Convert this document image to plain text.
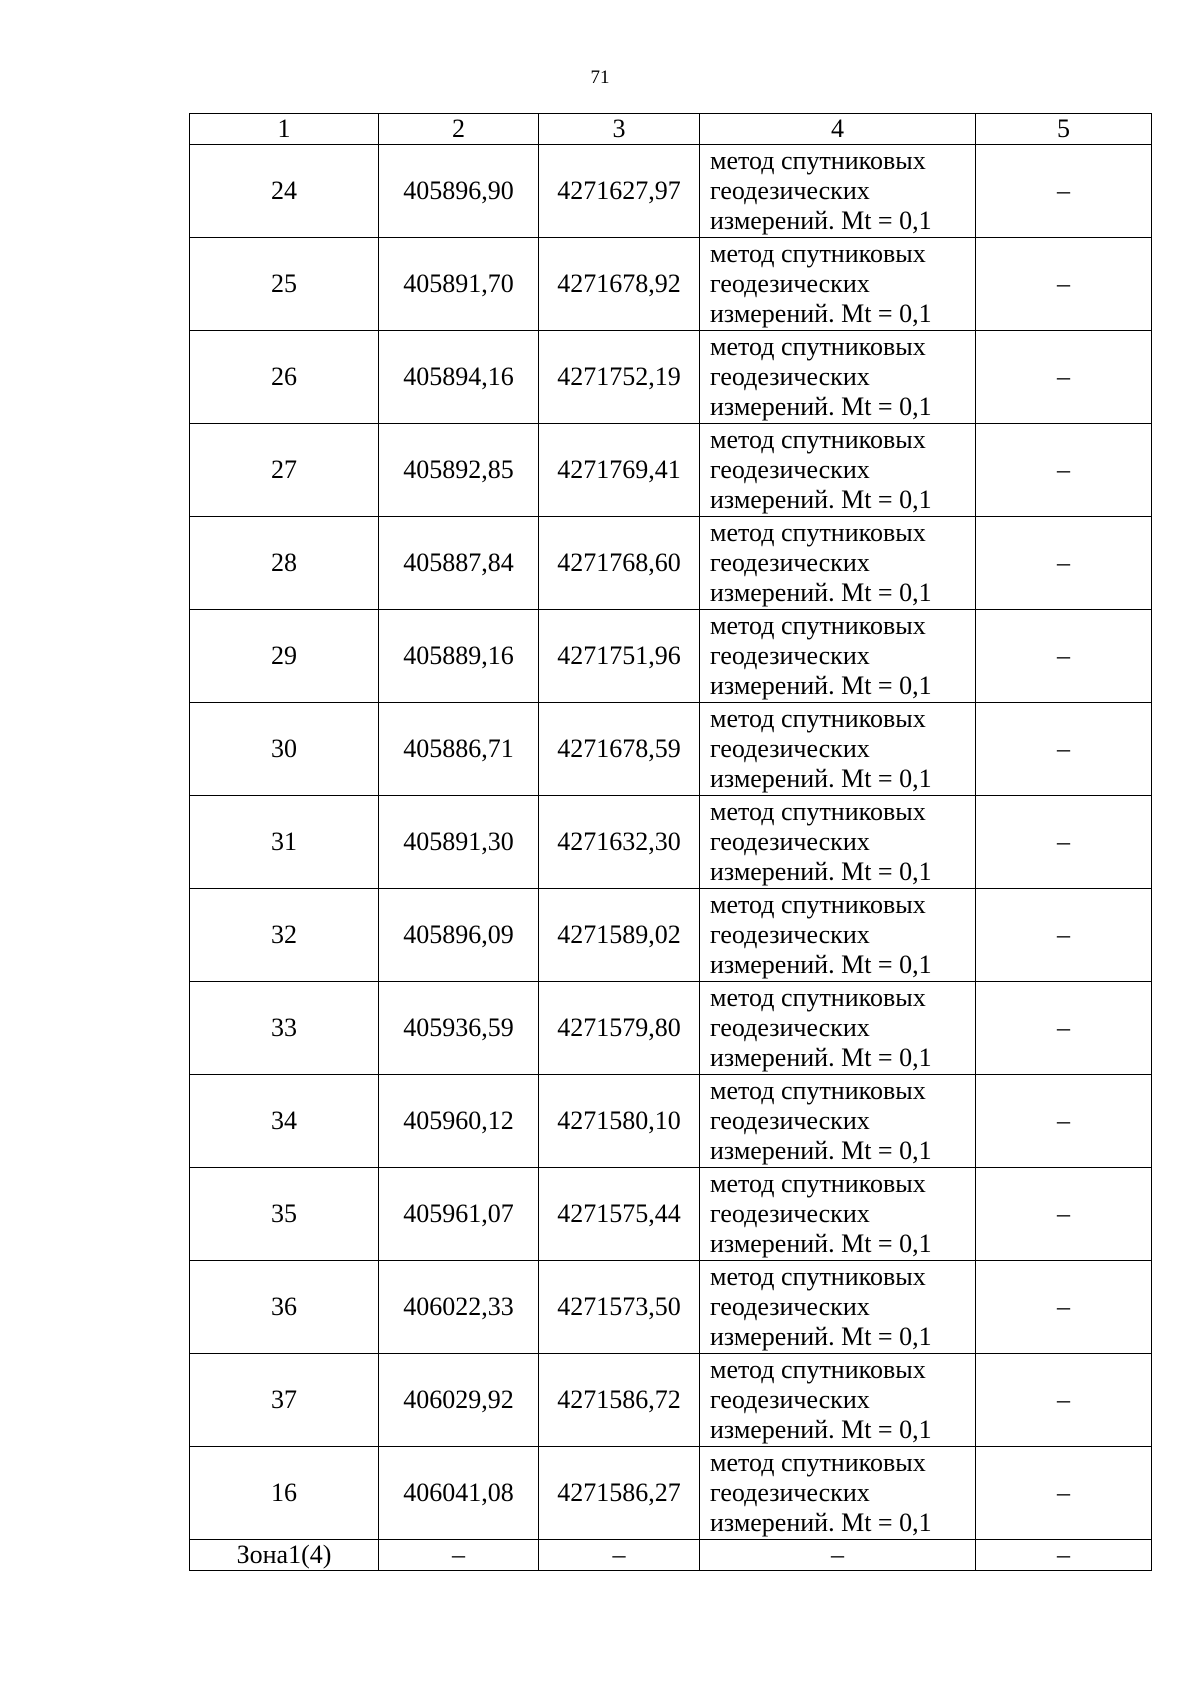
71
1	2	3	4	5
24	405896,90	4271627,97	метод спутниковых
геодезических
измерений. Mt = 0,1	–
25	405891,70	4271678,92	метод спутниковых
геодезических
измерений. Mt = 0,1	–
26	405894,16	4271752,19	метод спутниковых
геодезических
измерений. Mt = 0,1	–
27	405892,85	4271769,41	метод спутниковых
геодезических
измерений. Mt = 0,1	–
28	405887,84	4271768,60	метод спутниковых
геодезических
измерений. Mt = 0,1	–
29	405889,16	4271751,96	метод спутниковых
геодезических
измерений. Mt = 0,1	–
30	405886,71	4271678,59	метод спутниковых
геодезических
измерений. Mt = 0,1	–
31	405891,30	4271632,30	метод спутниковых
геодезических
измерений. Mt = 0,1	–
32	405896,09	4271589,02	метод спутниковых
геодезических
измерений. Mt = 0,1	–
33	405936,59	4271579,80	метод спутниковых
геодезических
измерений. Mt = 0,1	–
34	405960,12	4271580,10	метод спутниковых
геодезических
измерений. Mt = 0,1	–
35	405961,07	4271575,44	метод спутниковых
геодезических
измерений. Mt = 0,1	–
36	406022,33	4271573,50	метод спутниковых
геодезических
измерений. Mt = 0,1	–
37	406029,92	4271586,72	метод спутниковых
геодезических
измерений. Mt = 0,1	–
16	406041,08	4271586,27	метод спутниковых
геодезических
измерений. Mt = 0,1	–
Зона1(4)	–	–	–	–
